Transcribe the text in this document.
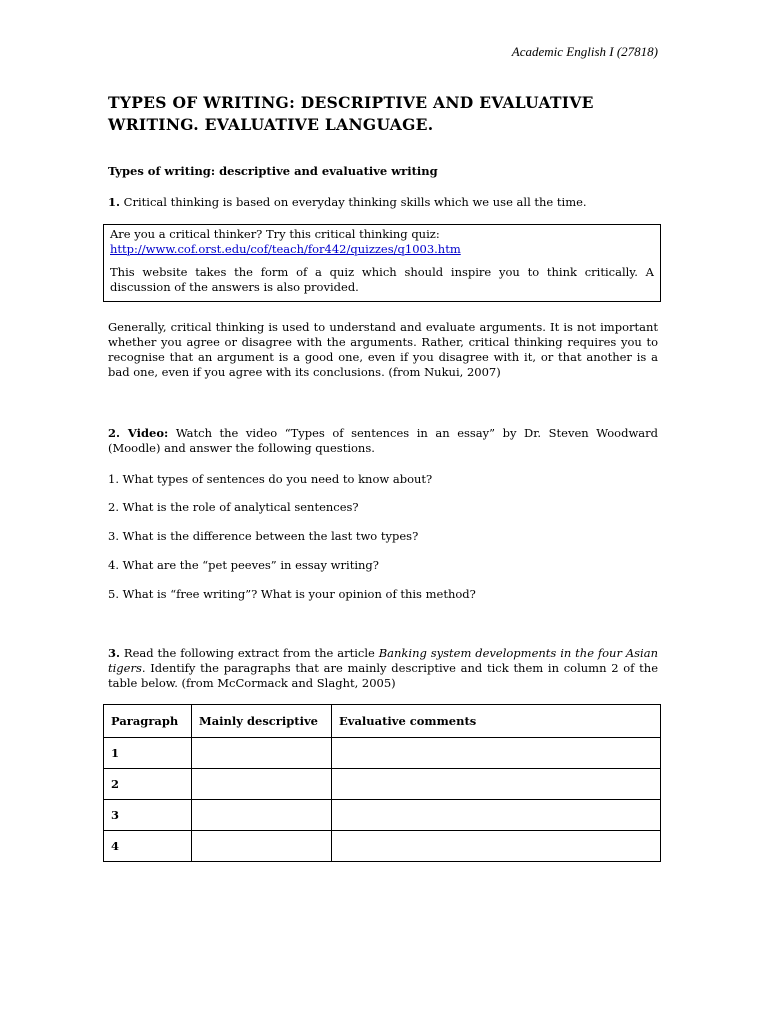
Academic English I (27818)
TYPES OF WRITING: DESCRIPTIVE AND EVALUATIVE WRITING. EVALUATIVE LANGUAGE.

Types of writing: descriptive and evaluative writing

1. Critical thinking is based on everyday thinking skills which we use all the time.

Are you a critical thinker? Try this critical thinking quiz:

http://www.cof.orst.edu/cof/teach/for442/quizzes/q1003.htm

This website takes the form of a quiz which should inspire you to think critically. A discussion of the answers is also provided.

Generally, critical thinking is used to understand and evaluate arguments. It is not important whether you agree or disagree with the arguments. Rather, critical thinking requires you to recognise that an argument is a good one, even if you disagree with it, or that another is a bad one, even if you agree with its conclusions. (from Nukui, 2007)

2. Video: Watch the video “Types of sentences in an essay” by Dr. Steven Woodward (Moodle) and answer the following questions.

1. What types of sentences do you need to know about?

2. What is the role of analytical sentences?

3. What is the difference between the last two types?

4. What are the “pet peeves” in essay writing?

5. What is “free writing”? What is your opinion of this method?

3. Read the following extract from the article Banking system developments in the four Asian tigers. Identify the paragraphs that are mainly descriptive and tick them in column 2 of the table below. (from McCormack and Slaght, 2005)

Paragraph	Mainly descriptive	Evaluative comments
1		
2		
3		
4		
